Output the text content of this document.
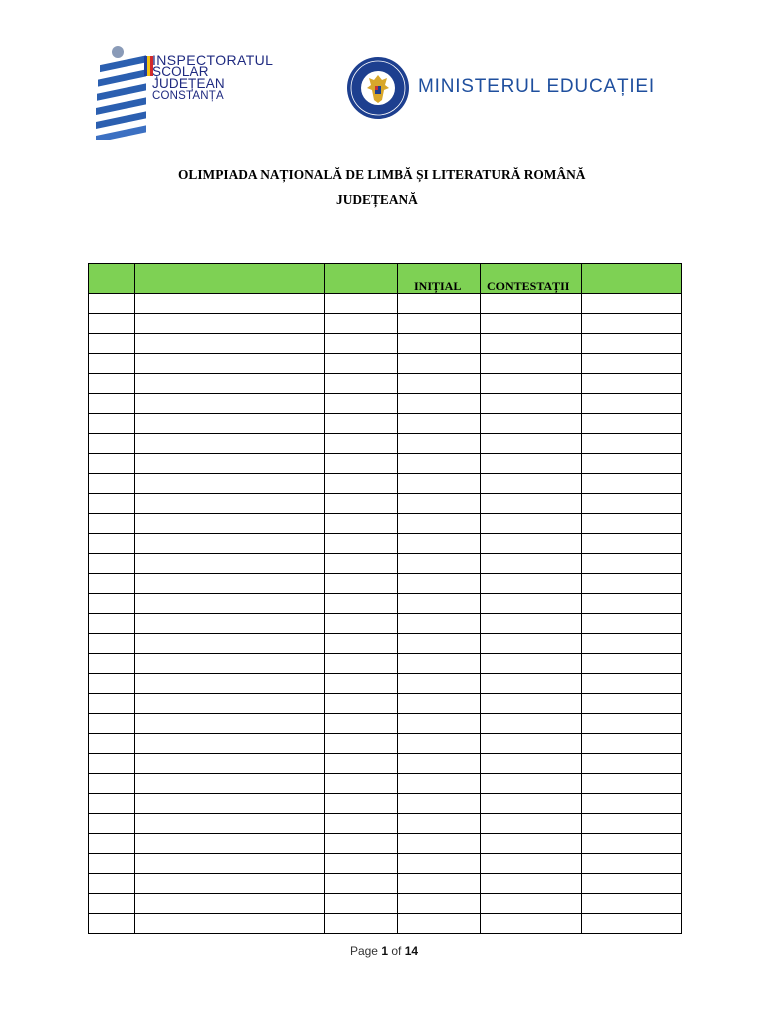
INSPECTORATUL
ȘCOLAR
JUDEȚEAN
CONSTANȚA	MINISTERUL EDUCAȚIEI
OLIMPIADA NAȚIONALĂ DE LIMBĂ ȘI LITERATURĂ ROMÂNĂ
JUDEȚEANĂ
			INIȚIAL	CONTESTAȚII	

Page 1 of 14
